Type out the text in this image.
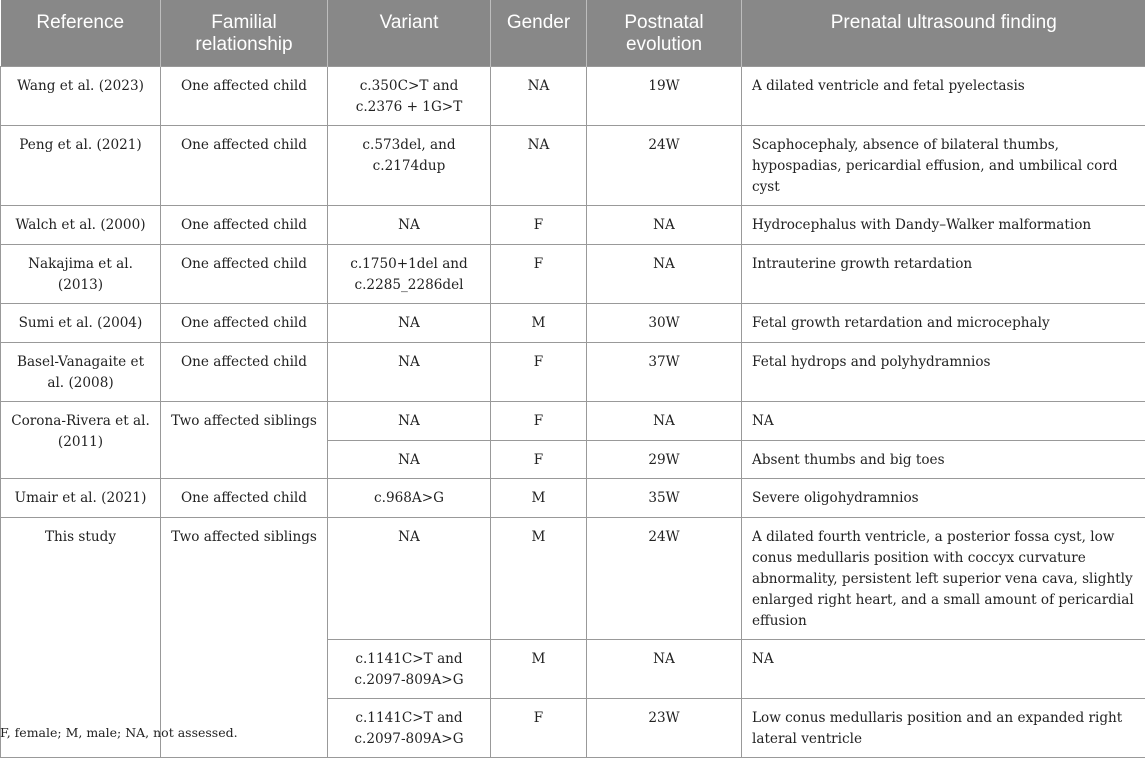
Reference	Familial relationship	Variant	Gender	Postnatal evolution	Prenatal ultrasound finding
Wang et al. (2023)	One affected child	c.350C>T and c.2376 + 1G>T	NA	19W	A dilated ventricle and fetal pyelectasis
Peng et al. (2021)	One affected child	c.573del, and c.2174dup	NA	24W	Scaphocephaly, absence of bilateral thumbs, hypospadias, pericardial effusion, and umbilical cord cyst
Walch et al. (2000)	One affected child	NA	F	NA	Hydrocephalus with Dandy–Walker malformation
Nakajima et al. (2013)	One affected child	c.1750+1del and c.2285_2286del	F	NA	Intrauterine growth retardation
Sumi et al. (2004)	One affected child	NA	M	30W	Fetal growth retardation and microcephaly
Basel-Vanagaite et al. (2008)	One affected child	NA	F	37W	Fetal hydrops and polyhydramnios
Corona-Rivera et al. (2011)	Two affected siblings	NA	F	NA	NA
		NA	F	29W	Absent thumbs and big toes
Umair et al. (2021)	One affected child	c.968A>G	M	35W	Severe oligohydramnios
This study	Two affected siblings	NA	M	24W	A dilated fourth ventricle, a posterior fossa cyst, low conus medullaris position with coccyx curvature abnormality, persistent left superior vena cava, slightly enlarged right heart, and a small amount of pericardial effusion
		c.1141C>T and c.2097-809A>G	M	NA	NA
		c.1141C>T and c.2097-809A>G	F	23W	Low conus medullaris position and an expanded right lateral ventricle
F, female; M, male; NA, not assessed.
